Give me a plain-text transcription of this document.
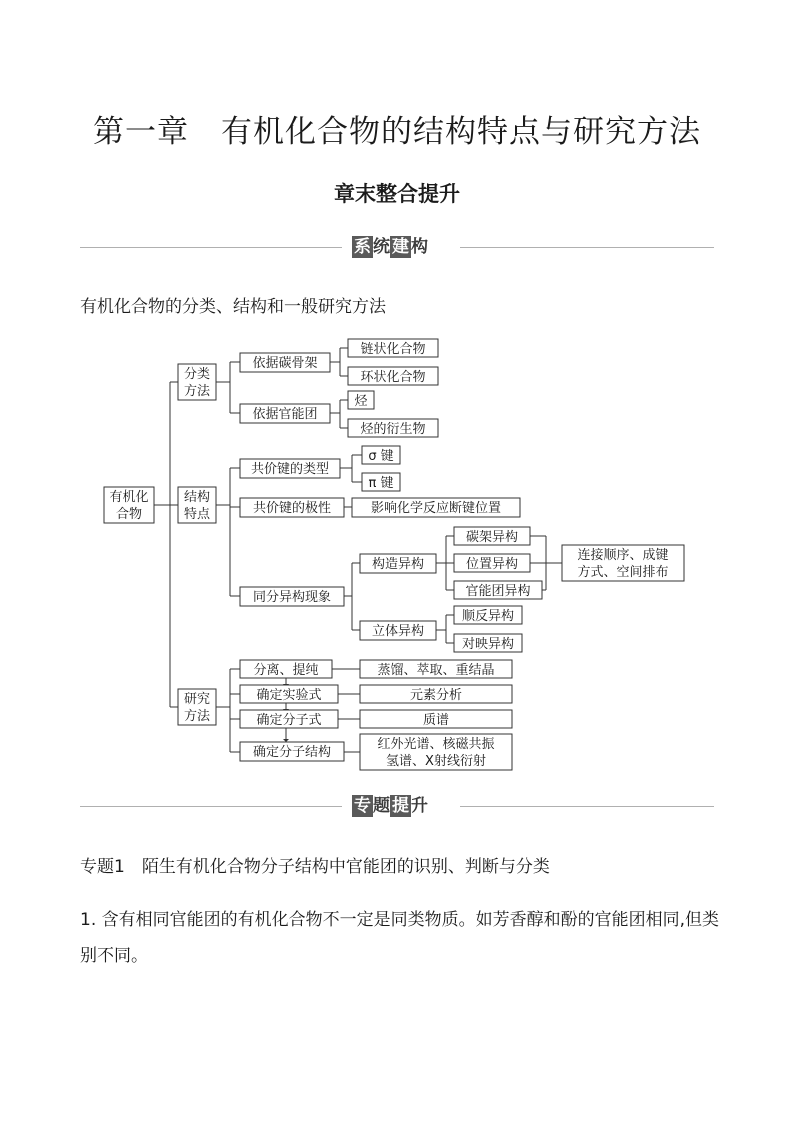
第一章　有机化合物的结构特点与研究方法
章末整合提升
系 统 建 构
有机化合物的分类、结构和一般研究方法
有机化
合物
分类
方法
结构
特点
研究
方法
依据碳骨架
链状化合物
环状化合物
依据官能团
烃
烃的衍生物
共价键的类型
σ 键
π 键
共价键的极性	影响化学反应断键位置
同分异构现象
构造异构
碳架异构
位置异构
官能团异构
连接顺序、成键
方式、空间排布
立体异构
顺反异构
对映异构
分离、提纯	蒸馏、萃取、重结晶
确定实验式	元素分析
确定分子式	质谱
确定分子结构
红外光谱、核磁共振
氢谱、X射线衍射
专 题 提 升
专题1　陌生有机化合物分子结构中官能团的识别、判断与分类
1. 含有相同官能团的有机化合物不一定是同类物质。如芳香醇和酚的官能团相同,但类别不同。
